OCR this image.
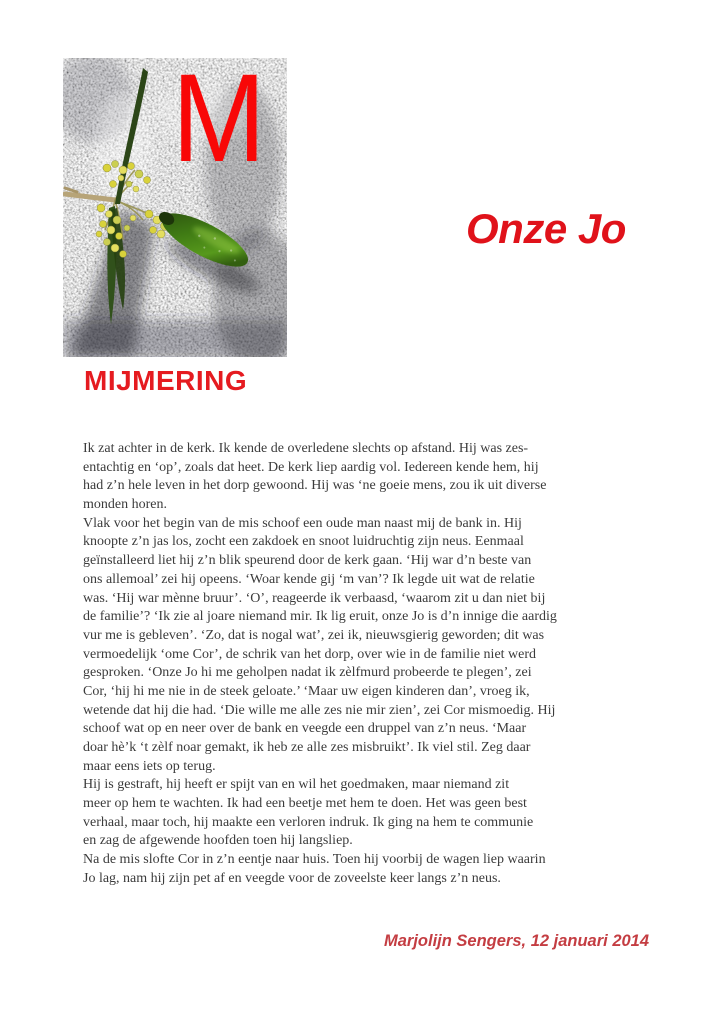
M
Onze Jo
MIJMERING
Ik zat achter in de kerk. Ik kende de overledene slechts op afstand. Hij was zes-
entachtig en ‘op’, zoals dat heet. De kerk liep aardig vol. Iedereen kende hem, hij
had z’n hele leven in het dorp gewoond. Hij was ‘ne goeie mens, zou ik uit diverse
monden horen.
Vlak voor het begin van de mis schoof een oude man naast mij de bank in. Hij
knoopte z’n jas los, zocht een zakdoek en snoot luidruchtig zijn neus. Eenmaal
geïnstalleerd liet hij z’n blik speurend door de kerk gaan. ‘Hij war d’n beste van
ons allemoal’ zei hij opeens. ‘Woar kende gij ‘m van’? Ik legde uit wat de relatie
was. ‘Hij war mènne bruur’. ‘O’, reageerde ik verbaasd, ‘waarom zit u dan niet bij
de familie’? ‘Ik zie al joare niemand mir. Ik lig eruit, onze Jo is d’n innige die aardig
vur me is gebleven’. ‘Zo, dat is nogal wat’, zei ik, nieuwsgierig geworden; dit was
vermoedelijk ‘ome Cor’, de schrik van het dorp, over wie in de familie niet werd
gesproken. ‘Onze Jo hi me geholpen nadat ik zèlfmurd probeerde te plegen’, zei
Cor, ‘hij hi me nie in de steek geloate.’ ‘Maar uw eigen kinderen dan’, vroeg ik,
wetende dat hij die had. ‘Die wille me alle zes nie mir zien’, zei Cor mismoedig. Hij
schoof wat op en neer over de bank en veegde een druppel van z’n neus. ‘Maar
doar hè’k ‘t zèlf noar gemakt, ik heb ze alle zes misbruikt’. Ik viel stil. Zeg daar
maar eens iets op terug.
Hij is gestraft, hij heeft er spijt van en wil het goedmaken, maar niemand zit
meer op hem te wachten. Ik had een beetje met hem te doen. Het was geen best
verhaal, maar toch, hij maakte een verloren indruk. Ik ging na hem te communie
en zag de afgewende hoofden toen hij langsliep.
Na de mis slofte Cor in z’n eentje naar huis. Toen hij voorbij de wagen liep waarin
Jo lag, nam hij zijn pet af en veegde voor de zoveelste keer langs z’n neus.
Marjolijn Sengers, 12 januari 2014
